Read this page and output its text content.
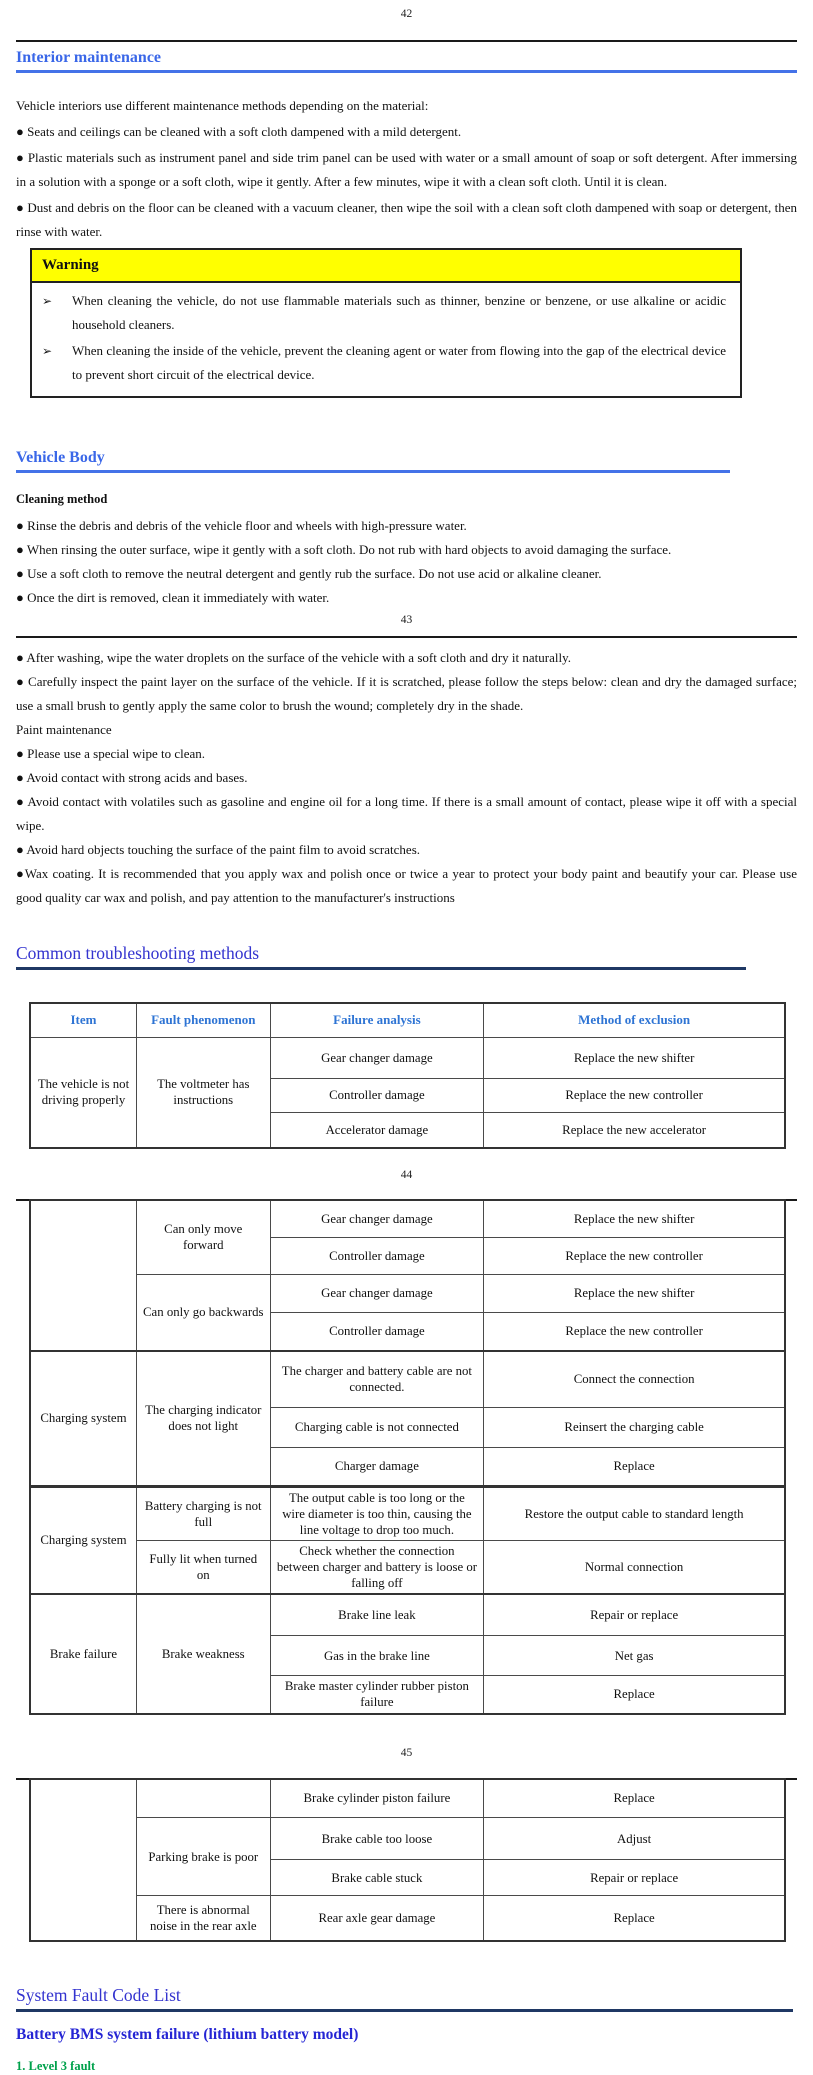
42
Interior maintenance

Vehicle interiors use different maintenance methods depending on the material:

● Seats and ceilings can be cleaned with a soft cloth dampened with a mild detergent.

● Plastic materials such as instrument panel and side trim panel can be used with water or a small amount of soap or soft detergent. After immersing in a solution with a sponge or a soft cloth, wipe it gently. After a few minutes, wipe it with a clean soft cloth. Until it is clean.

● Dust and debris on the floor can be cleaned with a vacuum cleaner, then wipe the soil with a clean soft cloth dampened with soap or detergent, then rinse with water.

Warning
➢	When cleaning the vehicle, do not use flammable materials such as thinner, benzine or benzene, or use alkaline or acidic household cleaners.
➢	When cleaning the inside of the vehicle, prevent the cleaning agent or water from flowing into the gap of the electrical device to prevent short circuit of the electrical device.
Vehicle Body

Cleaning method

● Rinse the debris and debris of the vehicle floor and wheels with high-pressure water.

● When rinsing the outer surface, wipe it gently with a soft cloth. Do not rub with hard objects to avoid damaging the surface.

● Use a soft cloth to remove the neutral detergent and gently rub the surface. Do not use acid or alkaline cleaner.

● Once the dirt is removed, clean it immediately with water.

43

● After washing, wipe the water droplets on the surface of the vehicle with a soft cloth and dry it naturally.

● Carefully inspect the paint layer on the surface of the vehicle. If it is scratched, please follow the steps below: clean and dry the damaged surface; use a small brush to gently apply the same color to brush the wound; completely dry in the shade.

Paint maintenance

● Please use a special wipe to clean.

● Avoid contact with strong acids and bases.

● Avoid contact with volatiles such as gasoline and engine oil for a long time. If there is a small amount of contact, please wipe it off with a special wipe.

● Avoid hard objects touching the surface of the paint film to avoid scratches.

●Wax coating. It is recommended that you apply wax and polish once or twice a year to protect your body paint and beautify your car. Please use good quality car wax and polish, and pay attention to the manufacturer's instructions

Common troubleshooting methods
Item	Fault phenomenon	Failure analysis	Method of exclusion
The vehicle is not driving properly	The voltmeter has instructions	Gear changer damage	Replace the new shifter
		Controller damage	Replace the new controller
		Accelerator damage	Replace the new accelerator
44
	Can only move forward	Gear changer damage	Replace the new shifter
		Controller damage	Replace the new controller
	Can only go backwards	Gear changer damage	Replace the new shifter
		Controller damage	Replace the new controller
Charging system	The charging indicator does not light	The charger and battery cable are not connected.	Connect the connection
		Charging cable is not connected	Reinsert the charging cable
		Charger damage	Replace
Charging system	Battery charging is not full	The output cable is too long or the wire diameter is too thin, causing the line voltage to drop too much.	Restore the output cable to standard length
	Fully lit when turned on	Check whether the connection between charger and battery is loose or falling off	Normal connection
Brake failure	Brake weakness	Brake line leak	Repair or replace
		Gas in the brake line	Net gas
		Brake master cylinder rubber piston failure	Replace
45
		Brake cylinder piston failure	Replace
	Parking brake is poor	Brake cable too loose	Adjust
		Brake cable stuck	Repair or replace
	There is abnormal noise in the rear axle	Rear axle gear damage	Replace
System Fault Code List
Battery BMS system failure (lithium battery model)

1. Level 3 fault
